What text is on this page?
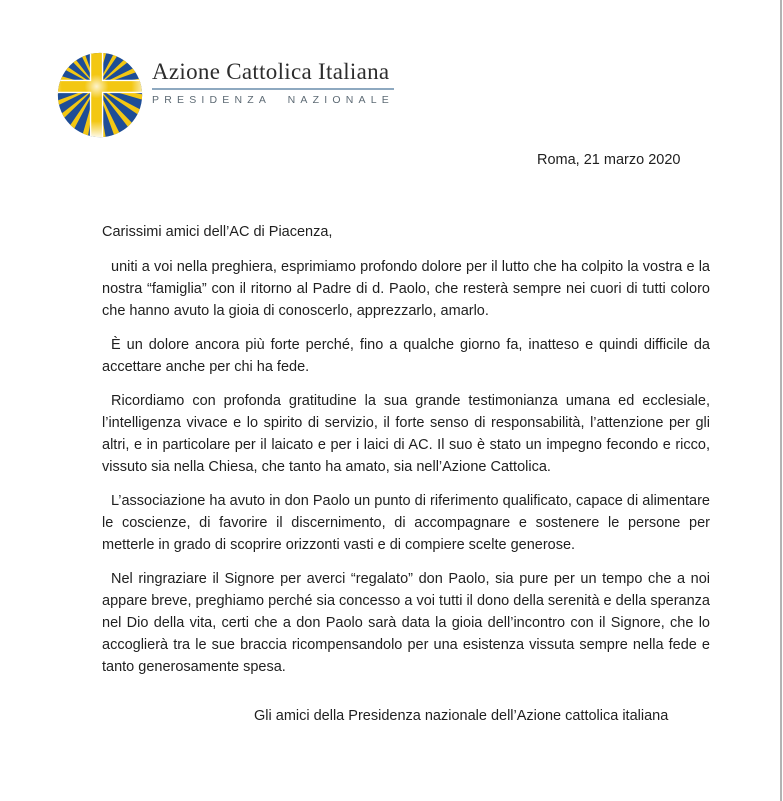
Azione Cattolica Italiana
PRESIDENZA NAZIONALE
Roma, 21 marzo 2020

Carissimi amici dell’AC di Piacenza,

uniti a voi nella preghiera, esprimiamo profondo dolore per il lutto che ha colpito la vostra e la nostra “famiglia” con il ritorno al Padre di d. Paolo, che resterà sempre nei cuori di tutti coloro che hanno avuto la gioia di conoscerlo, apprezzarlo, amarlo.

È un dolore ancora più forte perché, fino a qualche giorno fa, inatteso e quindi difficile da accettare anche per chi ha fede.

Ricordiamo con profonda gratitudine la sua grande testimonianza umana ed ecclesiale, l’intelligenza vivace e lo spirito di servizio, il forte senso di responsabilità, l’attenzione per gli altri, e in particolare per il laicato e per i laici di AC. Il suo è stato un impegno fecondo e ricco, vissuto sia nella Chiesa, che tanto ha amato, sia nell’Azione Cattolica.

L’associazione ha avuto in don Paolo un punto di riferimento qualificato, capace di alimentare le coscienze, di favorire il discernimento, di accompagnare e sostenere le persone per metterle in grado di scoprire orizzonti vasti e di compiere scelte generose.

Nel ringraziare il Signore per averci “regalato” don Paolo, sia pure per un tempo che a noi appare breve, preghiamo perché sia concesso a voi tutti il dono della serenità e della speranza nel Dio della vita, certi che a don Paolo sarà data la gioia dell’incontro con il Signore, che lo accoglierà tra le sue braccia ricompensandolo per una esistenza vissuta sempre nella fede e tanto generosamente spesa.

Gli amici della Presidenza nazionale dell’Azione cattolica italiana
